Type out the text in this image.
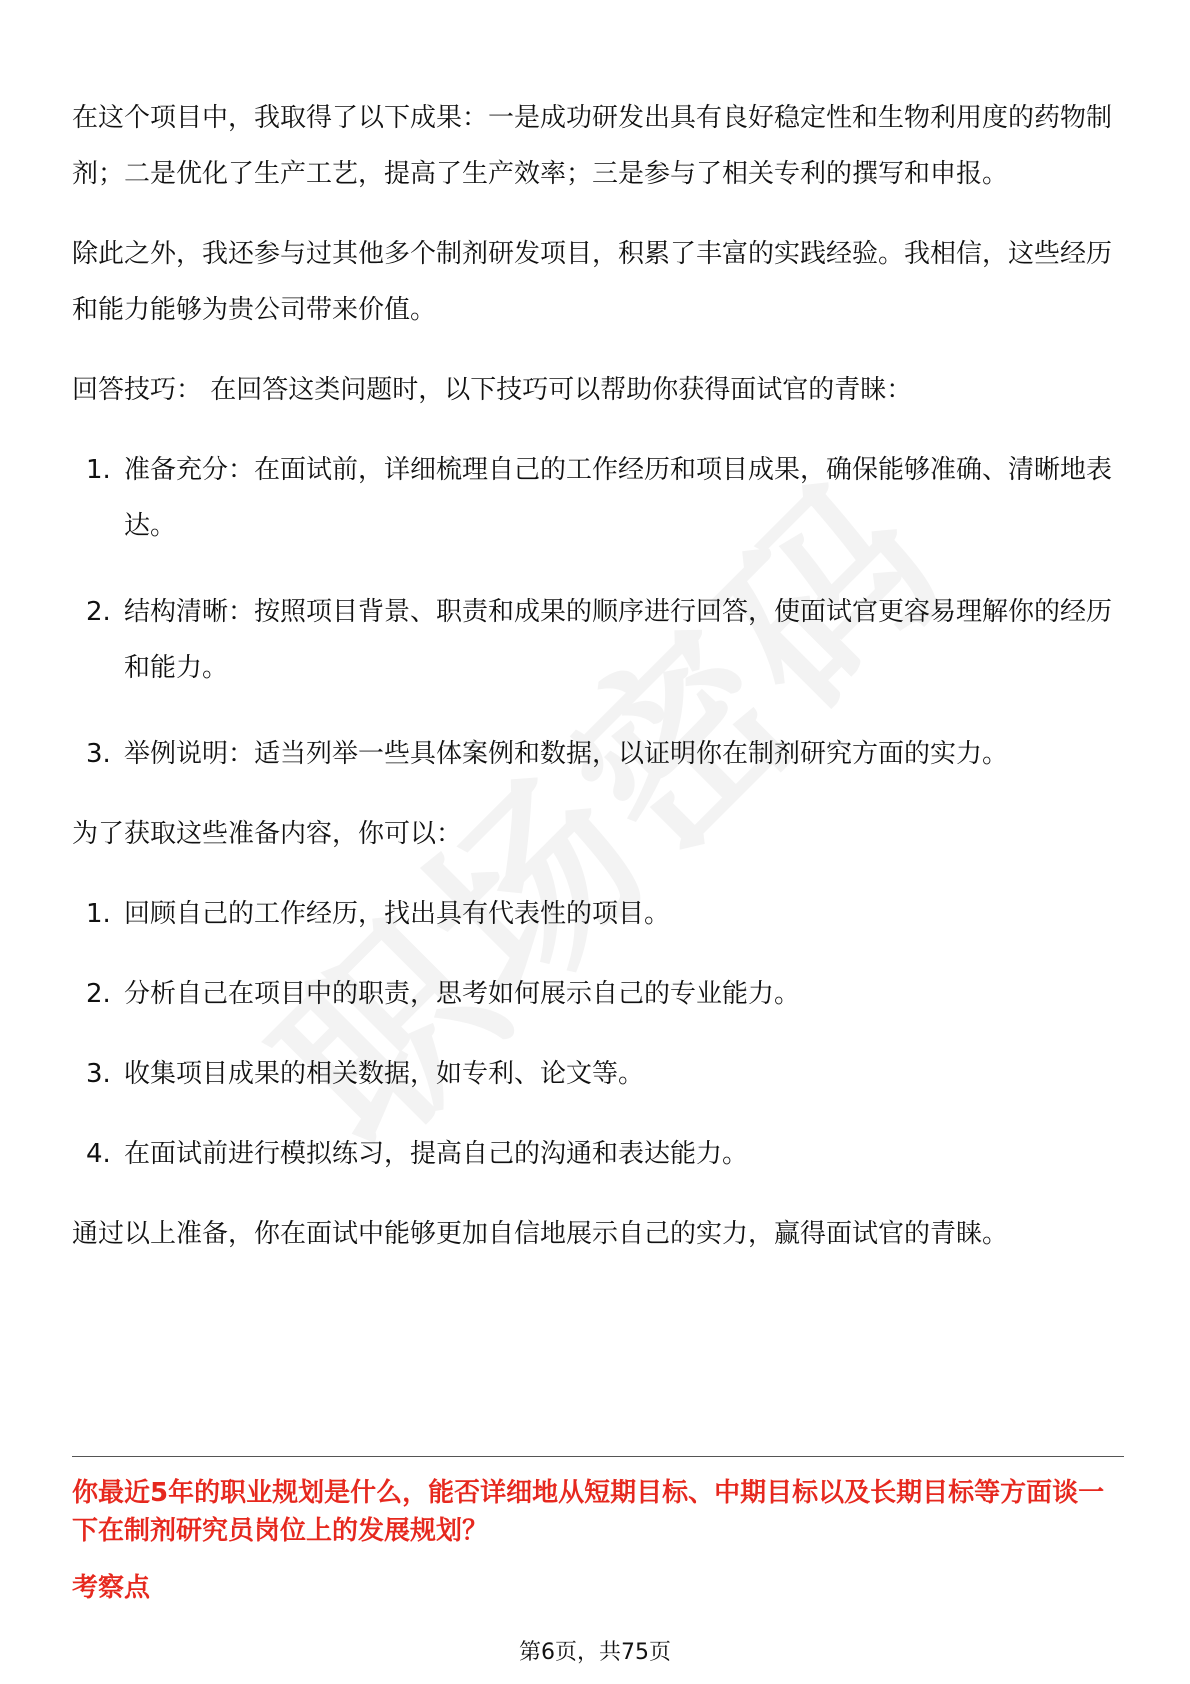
在这个项目中，我取得了以下成果：一是成功研发出具有良好稳定性和生物利用度的药物制剂；二是优化了生产工艺，提高了生产效率；三是参与了相关专利的撰写和申报。

除此之外，我还参与过其他多个制剂研发项目，积累了丰富的实践经验。我相信，这些经历和能力能够为贵公司带来价值。

回答技巧： 在回答这类问题时，以下技巧可以帮助你获得面试官的青睐：

1. 准备充分：在面试前，详细梳理自己的工作经历和项目成果，确保能够准确、清晰地表达。
2. 结构清晰：按照项目背景、职责和成果的顺序进行回答，使面试官更容易理解你的经历和能力。
3. 举例说明：适当列举一些具体案例和数据，以证明你在制剂研究方面的实力。

为了获取这些准备内容，你可以：

1. 回顾自己的工作经历，找出具有代表性的项目。
2. 分析自己在项目中的职责，思考如何展示自己的专业能力。
3. 收集项目成果的相关数据，如专利、论文等。
4. 在面试前进行模拟练习，提高自己的沟通和表达能力。

通过以上准备，你在面试中能够更加自信地展示自己的实力，赢得面试官的青睐。

你最近5年的职业规划是什么，能否详细地从短期目标、中期目标以及长期目标等方面谈一下在制剂研究员岗位上的发展规划？
考察点
第6页，共75页
